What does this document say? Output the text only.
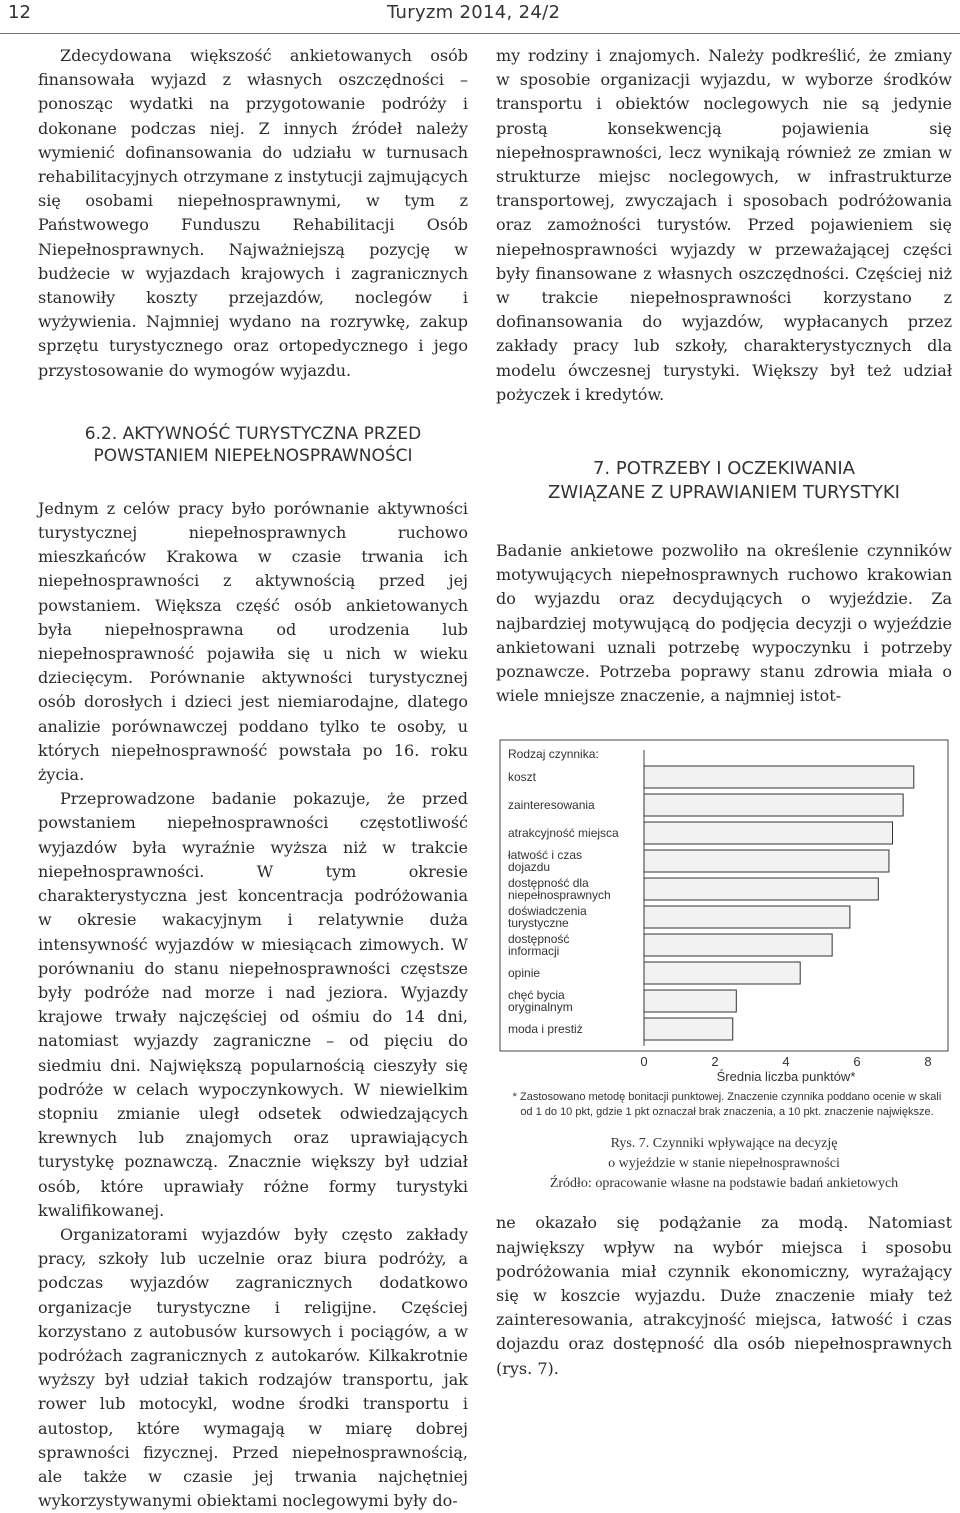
12	Turyzm 2014, 24/2

Zdecydowana większość ankietowanych osób finansowała wyjazd z własnych oszczędności – ponosząc wydatki na przygotowanie podróży i dokonane podczas niej. Z innych źródeł należy wymienić dofinansowania do udziału w turnusach rehabilitacyjnych otrzymane z instytucji zajmujących się osobami niepełnosprawnymi, w tym z Państwowego Funduszu Rehabilitacji Osób Niepełnosprawnych. Najważniejszą pozycję w budżecie w wyjazdach krajowych i zagranicznych stanowiły koszty przejazdów, noclegów i wyżywienia. Najmniej wydano na rozrywkę, zakup sprzętu turystycznego oraz ortopedycznego i jego przystosowanie do wymogów wyjazdu.

6.2. AKTYWNOŚĆ TURYSTYCZNA PRZED
POWSTANIEM NIEPEŁNOSPRAWNOŚCI

Jednym z celów pracy było porównanie aktywności turystycznej niepełnosprawnych ruchowo mieszkańców Krakowa w czasie trwania ich niepełnosprawności z aktywnością przed jej powstaniem. Większa część osób ankietowanych była niepełnosprawna od urodzenia lub niepełnosprawność pojawiła się u nich w wieku dziecięcym. Porównanie aktywności turystycznej osób dorosłych i dzieci jest niemiarodajne, dlatego analizie porównawczej poddano tylko te osoby, u których niepełnosprawność powstała po 16. roku życia.

Przeprowadzone badanie pokazuje, że przed powstaniem niepełnosprawności częstotliwość wyjazdów była wyraźnie wyższa niż w trakcie niepełnosprawności. W tym okresie charakterystyczna jest koncentracja podróżowania w okresie wakacyjnym i relatywnie duża intensywność wyjazdów w miesiącach zimowych. W porównaniu do stanu niepełnosprawności częstsze były podróże nad morze i nad jeziora. Wyjazdy krajowe trwały najczęściej od ośmiu do 14 dni, natomiast wyjazdy zagraniczne – od pięciu do siedmiu dni. Największą popularnością cieszyły się podróże w celach wypoczynkowych. W niewielkim stopniu zmianie uległ odsetek odwiedzających krewnych lub znajomych oraz uprawiających turystykę poznawczą. Znacznie większy był udział osób, które uprawiały różne formy turystyki kwalifikowanej.

Organizatorami wyjazdów były często zakłady pracy, szkoły lub uczelnie oraz biura podróży, a podczas wyjazdów zagranicznych dodatkowo organizacje turystyczne i religijne. Częściej korzystano z autobusów kursowych i pociągów, a w podróżach zagranicznych z autokarów. Kilkakrotnie wyższy był udział takich rodzajów transportu, jak rower lub motocykl, wodne środki transportu i autostop, które wymagają w miarę dobrej sprawności fizycznej. Przed niepełnosprawnością, ale także w czasie jej trwania najchętniej wykorzystywanymi obiektami noclegowymi były do-

my rodziny i znajomych. Należy podkreślić, że zmiany w sposobie organizacji wyjazdu, w wyborze środków transportu i obiektów noclegowych nie są jedynie prostą konsekwencją pojawienia się niepełnosprawności, lecz wynikają również ze zmian w strukturze miejsc noclegowych, w infrastrukturze transportowej, zwyczajach i sposobach podróżowania oraz zamożności turystów. Przed pojawieniem się niepełnosprawności wyjazdy w przeważającej części były finansowane z własnych oszczędności. Częściej niż w trakcie niepełnosprawności korzystano z dofinansowania do wyjazdów, wypłacanych przez zakłady pracy lub szkoły, charakterystycznych dla modelu ówczesnej turystyki. Większy był też udział pożyczek i kredytów.

7. POTRZEBY I OCZEKIWANIA
ZWIĄZANE Z UPRAWIANIEM TURYSTYKI

Badanie ankietowe pozwoliło na określenie czynników motywujących niepełnosprawnych ruchowo krakowian do wyjazdu oraz decydujących o wyjeździe. Za najbardziej motywującą do podjęcia decyzji o wyjeździe ankietowani uznali potrzebę wypoczynku i potrzeby poznawcze. Potrzeba poprawy stanu zdrowia miała o wiele mniejsze znaczenie, a najmniej istot-

Rodzaj czynnika:
koszt
zainteresowania
atrakcyjność miejsca
łatwość i czas
dojazdu
dostępność dla
niepełnosprawnych
doświadczenia
turystyczne
dostępność
informacji
opinie
chęć bycia
oryginalnym
moda i prestiż
0	2	4	6	8
Średnia liczba punktów*
* Zastosowano metodę bonitacji punktowej. Znaczenie czynnika poddano ocenie w skali
od 1 do 10 pkt, gdzie 1 pkt oznaczał brak znaczenia, a 10 pkt. znaczenie największe.
Rys. 7. Czynniki wpływające na decyzję
o wyjeździe w stanie niepełnosprawności
Źródło: opracowanie własne na podstawie badań ankietowych

ne okazało się podążanie za modą. Natomiast największy wpływ na wybór miejsca i sposobu podróżowania miał czynnik ekonomiczny, wyrażający się w koszcie wyjazdu. Duże znaczenie miały też zainteresowania, atrakcyjność miejsca, łatwość i czas dojazdu oraz dostępność dla osób niepełnosprawnych (rys. 7).
